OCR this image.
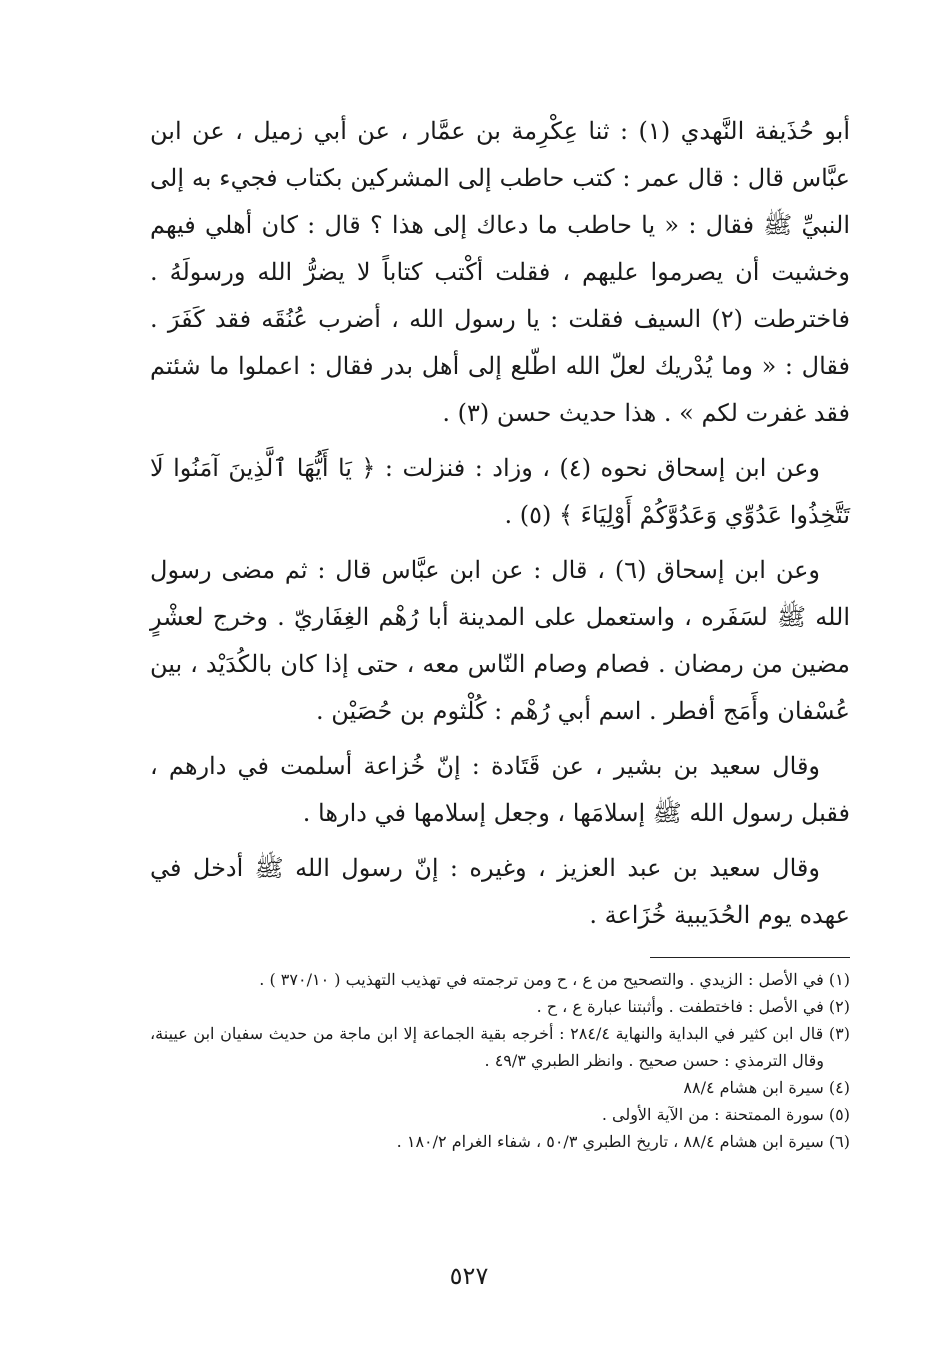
أبو حُذَيفة النَّهدي (١) : ثنا عِكْرِمة بن عمَّار ، عن أبي زميل ، عن ابن عبَّاس قال : قال عمر : كتب حاطب إلى المشركين بكتاب فجيء به إلى النبيِّ ﷺ فقال : « يا حاطب ما دعاك إلى هذا ؟ قال : كان أهلي فيهم وخشيت أن يصرموا عليهم ، فقلت أكْتب كتاباً لا يضرُّ الله ورسولَهُ . فاخترطت (٢) السيف فقلت : يا رسول الله ، أضرب عُنُقَه فقد كَفَرَ . فقال : « وما يُدْريك لعلّ الله اطّلع إلى أهل بدر فقال : اعملوا ما شئتم فقد غفرت لكم » . هذا حديث حسن (٣) .

وعن ابن إسحاق نحوه (٤) ، وزاد : فنزلت : ﴿ يَا أَيُّهَا ٱلَّذِينَ آمَنُوا لَا تَتَّخِذُوا عَدُوِّي وَعَدُوَّكُمْ أَوْلِيَاءَ ﴾ (٥) .

وعن ابن إسحاق (٦) ، قال : عن ابن عبَّاس قال : ثم مضى رسول الله ﷺ لسَفَره ، واستعمل على المدينة أبا رُهْم الغِفَاريّ . وخرج لعشْرٍ مضين من رمضان . فصام وصام النّاس معه ، حتى إذا كان بالكُدَيْد ، بين عُسْفان وأَمَج أفطر . اسم أبي رُهْم : كُلْثوم بن حُصَيْن .

وقال سعيد بن بشير ، عن قَتَادة : إنّ خُزاعة أسلمت في دارهم ، فقبل رسول الله ﷺ إسلامَها ، وجعل إسلامها في دارها .

وقال سعيد بن عبد العزيز ، وغيره : إنّ رسول الله ﷺ أدخل في عهده يوم الحُدَيبية خُزَاعة .

(١) في الأصل : الزيدي . والتصحيح من ع ، ح ومن ترجمته في تهذيب التهذيب ( ٣٧٠/١٠ ) .

(٢) في الأصل : فاختطفت . وأثبتنا عبارة ع ، ح .

(٣) قال ابن كثير في البداية والنهاية ٢٨٤/٤ : أخرجه بقية الجماعة إلا ابن ماجة من حديث سفيان ابن عيينة، وقال الترمذي : حسن صحيح . وانظر الطبري ٤٩/٣ .

(٤) سيرة ابن هشام ٨٨/٤

(٥) سورة الممتحنة : من الآية الأولى .

(٦) سيرة ابن هشام ٨٨/٤ ، تاريخ الطبري ٥٠/٣ ، شفاء الغرام ١٨٠/٢ .

٥٢٧
